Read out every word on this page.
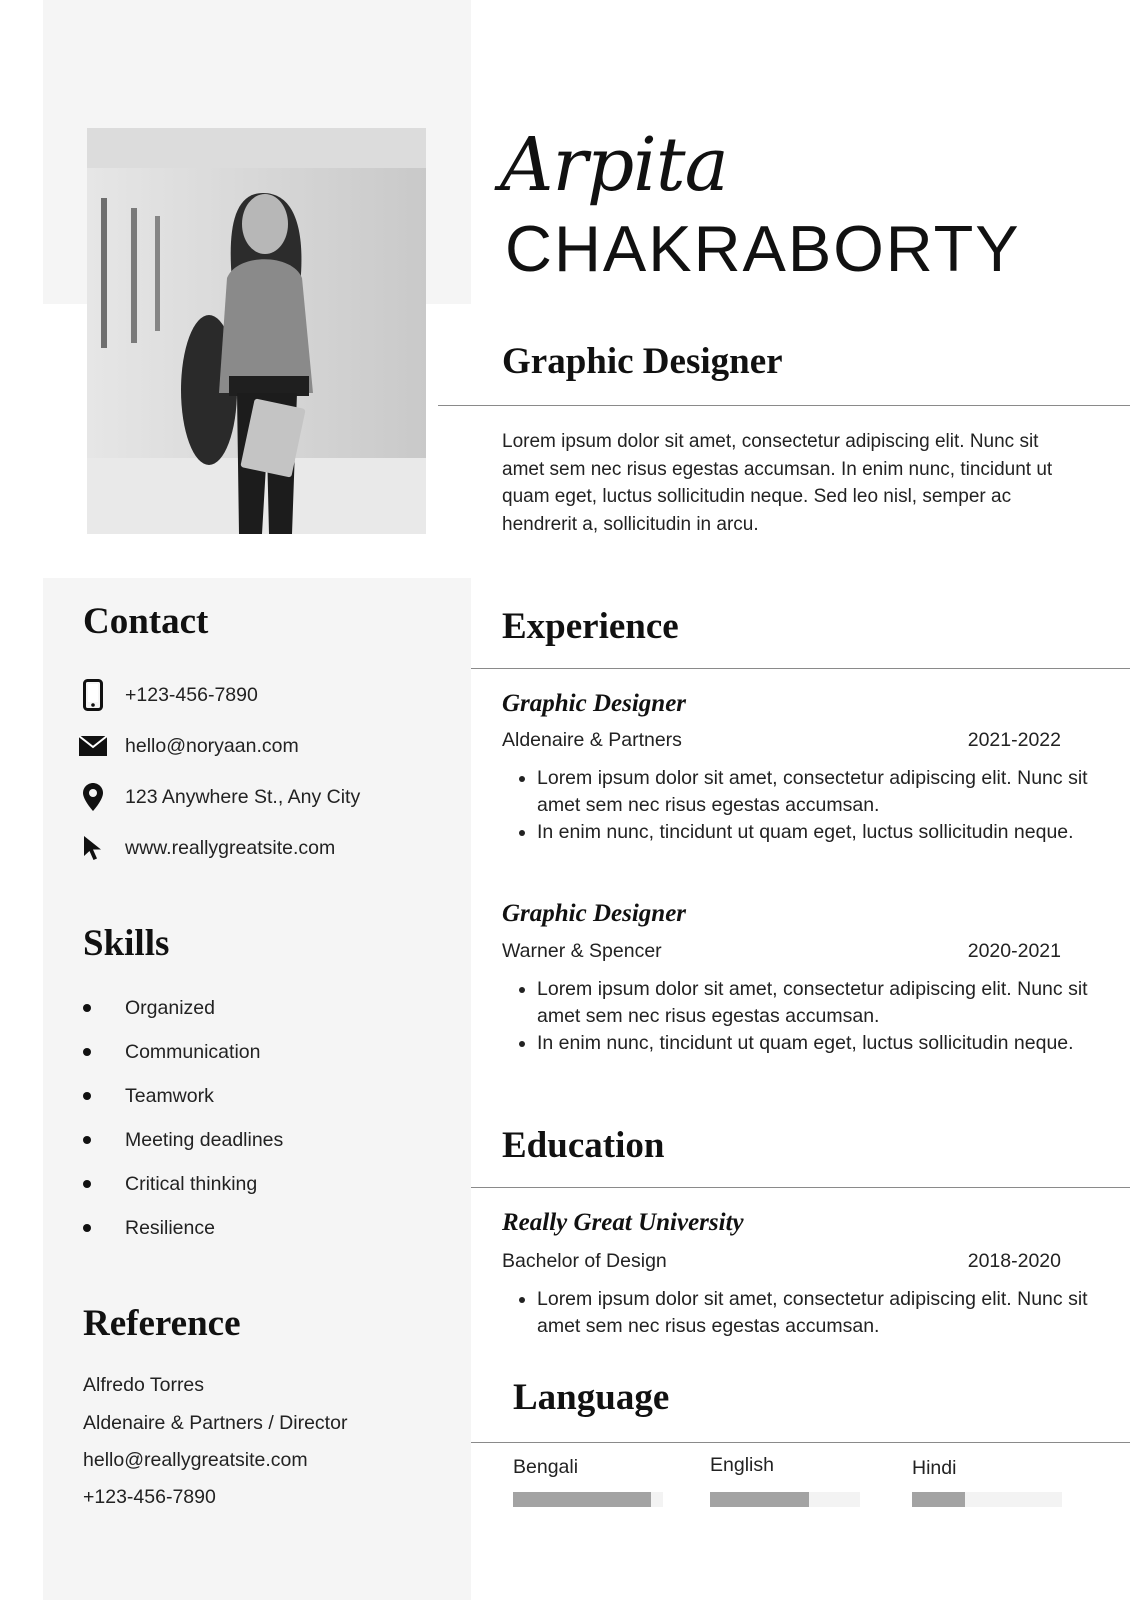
Arpita
CHAKRABORTY
Graphic Designer

Lorem ipsum dolor sit amet, consectetur adipiscing elit. Nunc sit amet sem nec risus egestas accumsan. In enim nunc, tincidunt ut quam eget, luctus sollicitudin neque. Sed leo nisl, semper ac hendrerit a, sollicitudin in arcu.

Contact
+123-456-7890
hello@noryaan.com
123 Anywhere St., Any City
www.reallygreatsite.com
Skills
Organized
Communication
Teamwork
Meeting deadlines
Critical thinking
Resilience
Reference
Alfredo Torres
Aldenaire & Partners / Director
hello@reallygreatsite.com
+123-456-7890
Experience
Graphic Designer
Aldenaire & Partners	2021-2022
• Lorem ipsum dolor sit amet, consectetur adipiscing elit. Nunc sit amet sem nec risus egestas accumsan.
• In enim nunc, tincidunt ut quam eget, luctus sollicitudin neque.
Graphic Designer
Warner & Spencer	2020-2021
• Lorem ipsum dolor sit amet, consectetur adipiscing elit. Nunc sit amet sem nec risus egestas accumsan.
• In enim nunc, tincidunt ut quam eget, luctus sollicitudin neque.
Education
Really Great University
Bachelor of Design	2018-2020
• Lorem ipsum dolor sit amet, consectetur adipiscing elit. Nunc sit amet sem nec risus egestas accumsan.
Language
Bengali	English	Hindi
